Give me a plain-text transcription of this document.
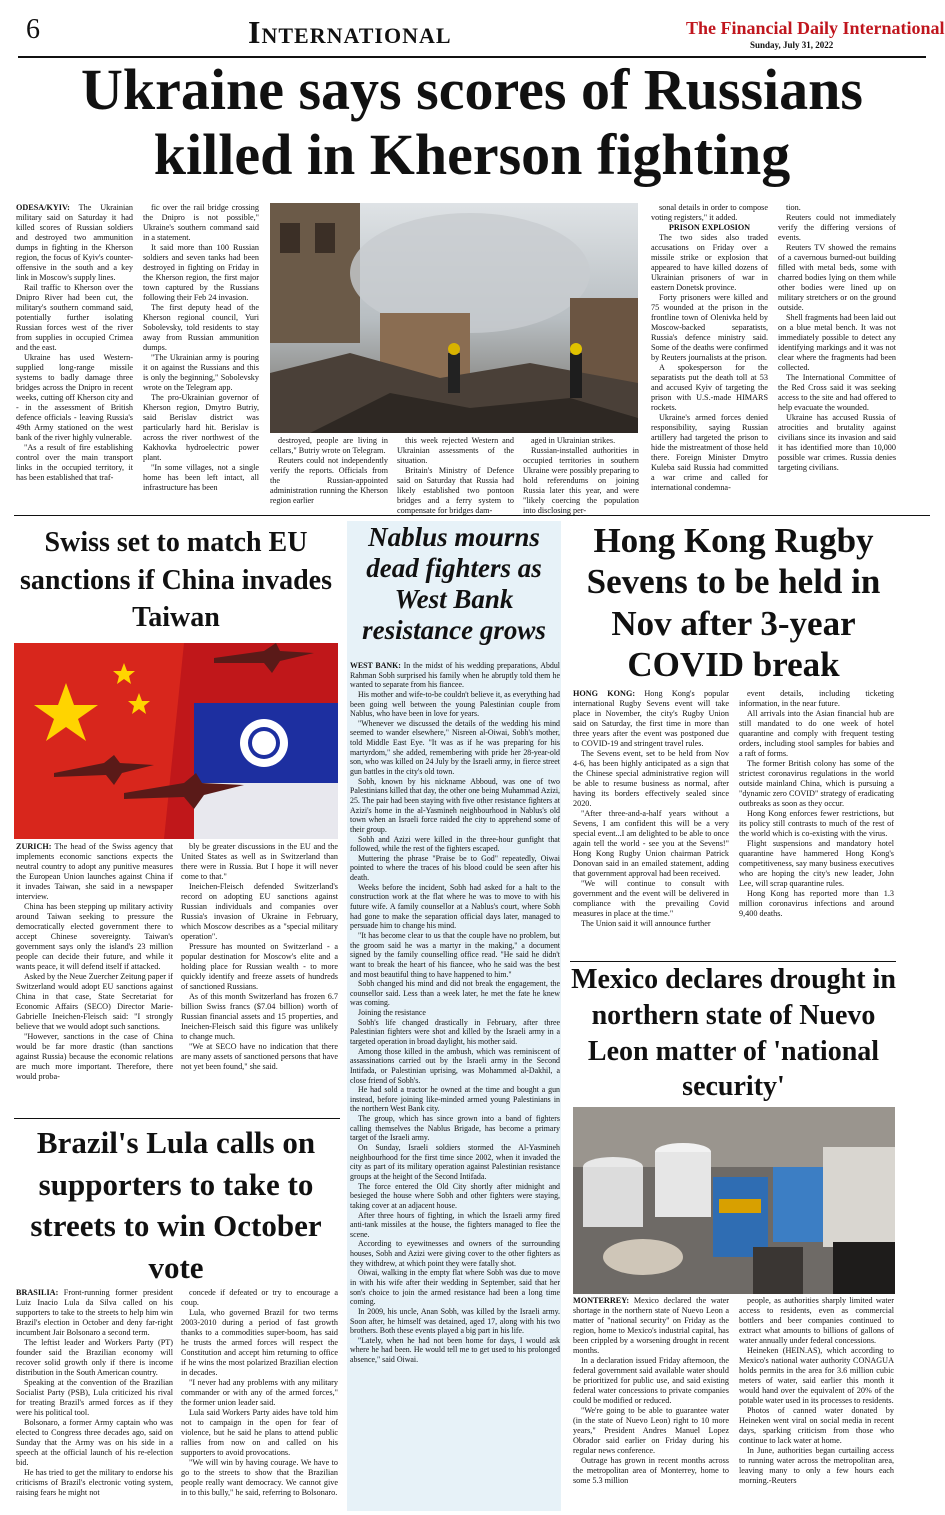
6	International	The Financial Daily International
Sunday, July 31, 2022
Ukraine says scores of Russians killed in Kherson fighting

ODESA/KYIV: The Ukrainian military said on Saturday it had killed scores of Russian soldiers and destroyed two ammunition dumps in fighting in the Kherson region, the focus of Kyiv's counter-offensive in the south and a key link in Moscow's supply lines.

Rail traffic to Kherson over the Dnipro River had been cut, the military's southern command said, potentially further isolating Russian forces west of the river from supplies in occupied Crimea and the east.

Ukraine has used Western-supplied long-range missile systems to badly damage three bridges across the Dnipro in recent weeks, cutting off Kherson city and - in the assessment of British defence officials - leaving Russia's 49th Army stationed on the west bank of the river highly vulnerable.

"As a result of fire establishing control over the main transport links in the occupied territory, it has been established that traf-

fic over the rail bridge crossing the Dnipro is not possible," Ukraine's southern command said in a statement.

It said more than 100 Russian soldiers and seven tanks had been destroyed in fighting on Friday in the Kherson region, the first major town captured by the Russians following their Feb 24 invasion.

The first deputy head of the Kherson regional council, Yuri Sobolevsky, told residents to stay away from Russian ammunition dumps.

"The Ukrainian army is pouring it on against the Russians and this is only the beginning," Sobolevsky wrote on the Telegram app.

The pro-Ukrainian governor of Kherson region, Dmytro Butriy, said Berislav district was particularly hard hit. Berislav is across the river northwest of the Kakhovka hydroelectric power plant.

"In some villages, not a single home has been left intact, all infrastructure has been

destroyed, people are living in cellars," Butriy wrote on Telegram.

Reuters could not independently verify the reports. Officials from the Russian-appointed administration running the Kherson region earlier

this week rejected Western and Ukrainian assessments of the situation.

Britain's Ministry of Defence said on Saturday that Russia had likely established two pontoon bridges and a ferry system to compensate for bridges dam-

aged in Ukrainian strikes.

Russian-installed authorities in occupied territories in southern Ukraine were possibly preparing to hold referendums on joining Russia later this year, and were "likely coercing the population into disclosing per-

sonal details in order to compose voting registers," it added.

PRISON EXPLOSION

The two sides also traded accusations on Friday over a missile strike or explosion that appeared to have killed dozens of Ukrainian prisoners of war in eastern Donetsk province.

Forty prisoners were killed and 75 wounded at the prison in the frontline town of Olenivka held by Moscow-backed separatists, Russia's defence ministry said. Some of the deaths were confirmed by Reuters journalists at the prison.

A spokesperson for the separatists put the death toll at 53 and accused Kyiv of targeting the prison with U.S.-made HIMARS rockets.

Ukraine's armed forces denied responsibility, saying Russian artillery had targeted the prison to hide the mistreatment of those held there. Foreign Minister Dmytro Kuleba said Russia had committed a war crime and called for international condemna-

tion.

Reuters could not immediately verify the differing versions of events.

Reuters TV showed the remains of a cavernous burned-out building filled with metal beds, some with charred bodies lying on them while other bodies were lined up on military stretchers or on the ground outside.

Shell fragments had been laid out on a blue metal bench. It was not immediately possible to detect any identifying markings and it was not clear where the fragments had been collected.

The International Committee of the Red Cross said it was seeking access to the site and had offered to help evacuate the wounded.

Ukraine has accused Russia of atrocities and brutality against civilians since its invasion and said it has identified more than 10,000 possible war crimes. Russia denies targeting civilians.

Swiss set to match EU sanctions if China invades Taiwan

ZURICH: The head of the Swiss agency that implements economic sanctions expects the neutral country to adopt any punitive measures the European Union launches against China if it invades Taiwan, she said in a newspaper interview.

China has been stepping up military activity around Taiwan seeking to pressure the democratically elected government there to accept Chinese sovereignty. Taiwan's government says only the island's 23 million people can decide their future, and while it wants peace, it will defend itself if attacked.

Asked by the Neue Zuercher Zeitung paper if Switzerland would adopt EU sanctions against China in that case, State Secretariat for Economic Affairs (SECO) Director Marie-Gabrielle Ineichen-Fleisch said: "I strongly believe that we would adopt such sanctions.

"However, sanctions in the case of China would be far more drastic (than sanctions against Russia) because the economic relations are much more important. Therefore, there would proba-

bly be greater discussions in the EU and the United States as well as in Switzerland than there were in Russia. But I hope it will never come to that."

Ineichen-Fleisch defended Switzerland's record on adopting EU sanctions against Russian individuals and companies over Russia's invasion of Ukraine in February, which Moscow describes as a "special military operation".

Pressure has mounted on Switzerland - a popular destination for Moscow's elite and a holding place for Russian wealth - to more quickly identify and freeze assets of hundreds of sanctioned Russians.

As of this month Switzerland has frozen 6.7 billion Swiss francs ($7.04 billion) worth of Russian financial assets and 15 properties, and Ineichen-Fleisch said this figure was unlikely to change much.

"We at SECO have no indication that there are many assets of sanctioned persons that have not yet been found," she said.

Brazil's Lula calls on supporters to take to streets to win October vote

BRASILIA: Front-running former president Luiz Inacio Lula da Silva called on his supporters to take to the streets to help him win Brazil's election in October and deny far-right incumbent Jair Bolsonaro a second term.

The leftist leader and Workers Party (PT) founder said the Brazilian economy will recover solid growth only if there is income distribution in the South American country.

Speaking at the convention of the Brazilian Socialist Party (PSB), Lula criticized his rival for treating Brazil's armed forces as if they were his political tool.

Bolsonaro, a former Army captain who was elected to Congress three decades ago, said on Sunday that the Army was on his side in a speech at the official launch of his re-election bid.

He has tried to get the military to endorse his criticisms of Brazil's electronic voting system, raising fears he might not

concede if defeated or try to encourage a coup.

Lula, who governed Brazil for two terms 2003-2010 during a period of fast growth thanks to a commodities super-boom, has said he trusts the armed forces will respect the Constitution and accept him returning to office if he wins the most polarized Brazilian election in decades.

"I never had any problems with any military commander or with any of the armed forces," the former union leader said.

Lula said Workers Party aides have told him not to campaign in the open for fear of violence, but he said he plans to attend public rallies from now on and called on his supporters to avoid provocations.

"We will win by having courage. We have to go to the streets to show that the Brazilian people really want democracy. We cannot give in to this bully," he said, referring to Bolsonaro.

Nablus mourns dead fighters as West Bank resistance grows

WEST BANK: In the midst of his wedding preparations, Abdul Rahman Sobh surprised his family when he abruptly told them he wanted to separate from his fiancee.

His mother and wife-to-be couldn't believe it, as everything had been going well between the young Palestinian couple from Nablus, who have been in love for years.

"Whenever we discussed the details of the wedding his mind seemed to wander elsewhere," Nisreen al-Oiwai, Sobh's mother, told Middle East Eye. "It was as if he was preparing for his martyrdom," she added, remembering with pride her 28-year-old son, who was killed on 24 July by the Israeli army, in fierce street gun battles in the city's old town.

Sobh, known by his nickname Abboud, was one of two Palestinians killed that day, the other one being Muhammad Azizi, 25. The pair had been staying with five other resistance fighters at Azizi's home in the al-Yasmineh neighbourhood in Nablus's old town when an Israeli force raided the city to apprehend some of their group.

Sobh and Azizi were killed in the three-hour gunfight that followed, while the rest of the fighters escaped.

Muttering the phrase "Praise be to God" repeatedly, Oiwai pointed to where the traces of his blood could be seen after his death.

Weeks before the incident, Sobh had asked for a halt to the construction work at the flat where he was to move to with his future wife. A family counsellor at a Nablus's court, where Sobh had gone to make the separation official days later, managed to persuade him to change his mind.

"It has become clear to us that the couple have no problem, but the groom said he was a martyr in the making," a document signed by the family counselling office read. "He said he didn't want to break the heart of his fiancee, who he said was the best and most beautiful thing to have happened to him."

Sobh changed his mind and did not break the engagement, the counsellor said. Less than a week later, he met the fate he knew was coming.

Joining the resistance

Sobh's life changed drastically in February, after three Palestinian fighters were shot and killed by the Israeli army in a targeted operation in broad daylight, his mother said.

Among those killed in the ambush, which was reminiscent of assassinations carried out by the Israeli army in the Second Intifada, or Palestinian uprising, was Mohammed al-Dakhil, a close friend of Sobh's.

He had sold a tractor he owned at the time and bought a gun instead, before joining like-minded armed young Palestinians in the northern West Bank city.

The group, which has since grown into a band of fighters calling themselves the Nablus Brigade, has become a primary target of the Israeli army.

On Sunday, Israeli soldiers stormed the Al-Yasmineh neighbourhood for the first time since 2002, when it invaded the city as part of its military operation against Palestinian resistance groups at the height of the Second Intifada.

The force entered the Old City shortly after midnight and besieged the house where Sobh and other fighters were staying, taking cover at an adjacent house.

After three hours of fighting, in which the Israeli army fired anti-tank missiles at the house, the fighters managed to flee the scene.

According to eyewitnesses and owners of the surrounding houses, Sobh and Azizi were giving cover to the other fighters as they withdrew, at which point they were fatally shot.

Oiwai, walking in the empty flat where Sobh was due to move in with his wife after their wedding in September, said that her son's choice to join the armed resistance had been a long time coming.

In 2009, his uncle, Anan Sobh, was killed by the Israeli army. Soon after, he himself was detained, aged 17, along with his two brothers. Both these events played a big part in his life.

"Lately, when he had not been home for days, I would ask where he had been. He would tell me to get used to his prolonged absence," said Oiwai.

Hong Kong Rugby Sevens to be held in Nov after 3-year COVID break

HONG KONG: Hong Kong's popular international Rugby Sevens event will take place in November, the city's Rugby Union said on Saturday, the first time in more than three years after the event was postponed due to COVID-19 and stringent travel rules.

The Sevens event, set to be held from Nov 4-6, has been highly anticipated as a sign that the Chinese special administrative region will be able to resume business as normal, after having its borders effectively sealed since 2020.

"After three-and-a-half years without a Sevens, I am confident this will be a very special event...I am delighted to be able to once again tell the world - see you at the Sevens!" Hong Kong Rugby Union chairman Patrick Donovan said in an emailed statement, adding that government approval had been received.

"We will continue to consult with government and the event will be delivered in compliance with the prevailing Covid measures in place at the time."

The Union said it will announce further

event details, including ticketing information, in the near future.

All arrivals into the Asian financial hub are still mandated to do one week of hotel quarantine and comply with frequent testing orders, including stool samples for babies and a raft of forms.

The former British colony has some of the strictest coronavirus regulations in the world outside mainland China, which is pursuing a "dynamic zero COVID" strategy of eradicating outbreaks as soon as they occur.

Hong Kong enforces fewer restrictions, but its policy still contrasts to much of the rest of the world which is co-existing with the virus.

Flight suspensions and mandatory hotel quarantine have hammered Hong Kong's competitiveness, say many business executives who are hoping the city's new leader, John Lee, will scrap quarantine rules.

Hong Kong has reported more than 1.3 million coronavirus infections and around 9,400 deaths.

Mexico declares drought in northern state of Nuevo Leon matter of 'national security'

MONTERREY: Mexico declared the water shortage in the northern state of Nuevo Leon a matter of "national security" on Friday as the region, home to Mexico's industrial capital, has been crippled by a worsening drought in recent months.

In a declaration issued Friday afternoon, the federal government said available water should be prioritized for public use, and said existing federal water concessions to private companies could be modified or reduced.

"We're going to be able to guarantee water (in the state of Nuevo Leon) right to 10 more years," President Andres Manuel Lopez Obrador said earlier on Friday during his regular news conference.

Outrage has grown in recent months across the metropolitan area of Monterrey, home to some 5.3 million

people, as authorities sharply limited water access to residents, even as commercial bottlers and beer companies continued to extract what amounts to billions of gallons of water annually under federal concessions.

Heineken (HEIN.AS), which according to Mexico's national water authority CONAGUA holds permits in the area for 3.6 million cubic meters of water, said earlier this month it would hand over the equivalent of 20% of the potable water used in its processes to residents.

Photos of canned water donated by Heineken went viral on social media in recent days, sparking criticism from those who continue to lack water at home.

In June, authorities began curtailing access to running water across the metropolitan area, leaving many to only a few hours each morning.-Reuters
